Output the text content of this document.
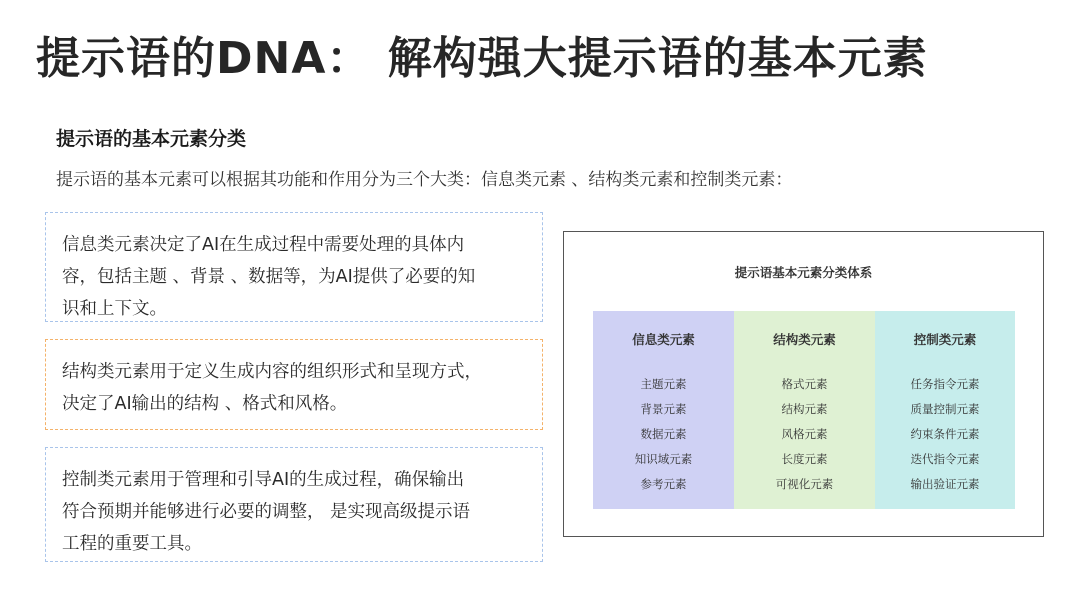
提示语的DNA： 解构强大提示语的基本元素
提示语的基本元素分类
提示语的基本元素可以根据其功能和作用分为三个大类：信息类元素 、结构类元素和控制类元素：
信息类元素决定了AI在生成过程中需要处理的具体内
容，包括主题 、背景 、数据等，为AI提供了必要的知
识和上下文。
结构类元素用于定义生成内容的组织形式和呈现方式，
决定了AI输出的结构 、格式和风格。
控制类元素用于管理和引导AI的生成过程，确保输出
符合预期并能够进行必要的调整， 是实现高级提示语
工程的重要工具。
提示语基本元素分类体系
信息类元素
主题元素
背景元素
数据元素
知识域元素
参考元素
结构类元素
格式元素
结构元素
风格元素
长度元素
可视化元素
控制类元素
任务指令元素
质量控制元素
约束条件元素
迭代指令元素
输出验证元素
